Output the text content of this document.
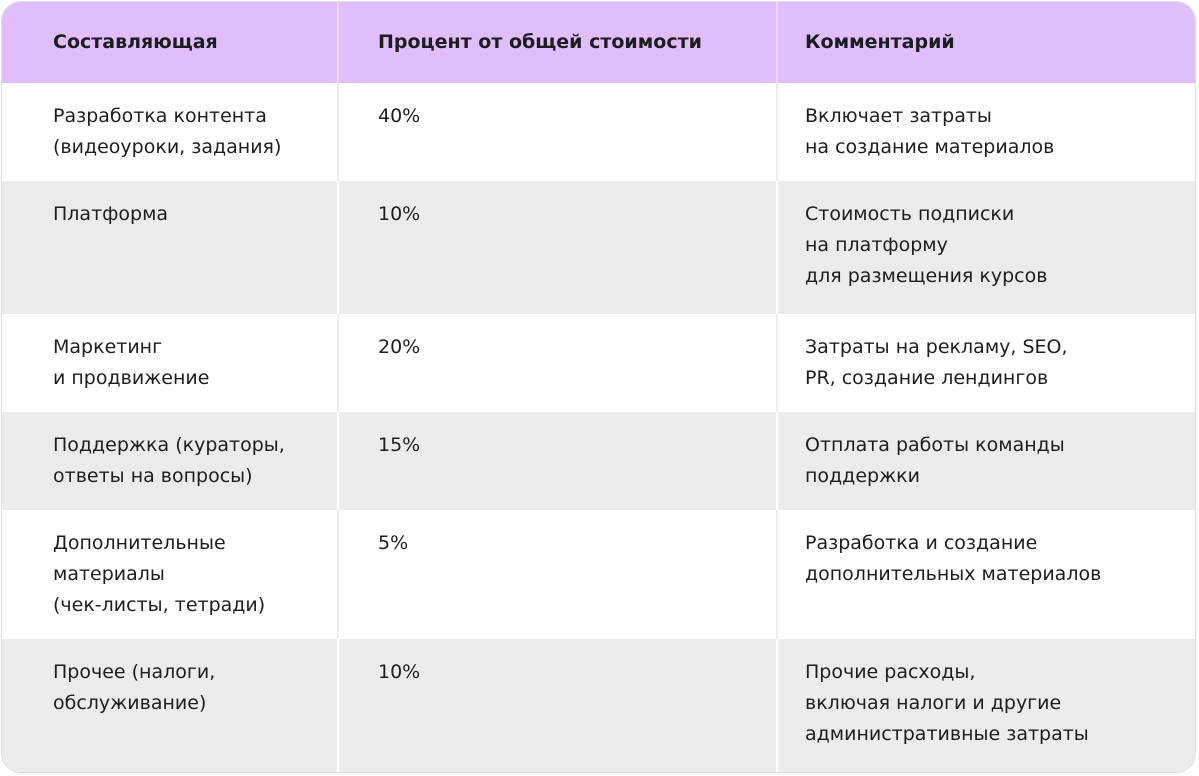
Составляющая	Процент от общей стоимости	Комментарий

Разработка контента
(видеоуроки, задания)	40%	Включает затраты
на создание материалов

Платформа	10%	Стоимость подписки
на платформу
для размещения курсов

Маркетинг
и продвижение	20%	Затраты на рекламу, SEO,
PR, создание лендингов

Поддержка (кураторы,
ответы на вопросы)	15%	Отплата работы команды
поддержки

Дополнительные
материалы
(чек-листы, тетради)	5%	Разработка и создание
дополнительных материалов

Прочее (налоги,
обслуживание)	10%	Прочие расходы,
включая налоги и другие
административные затраты
